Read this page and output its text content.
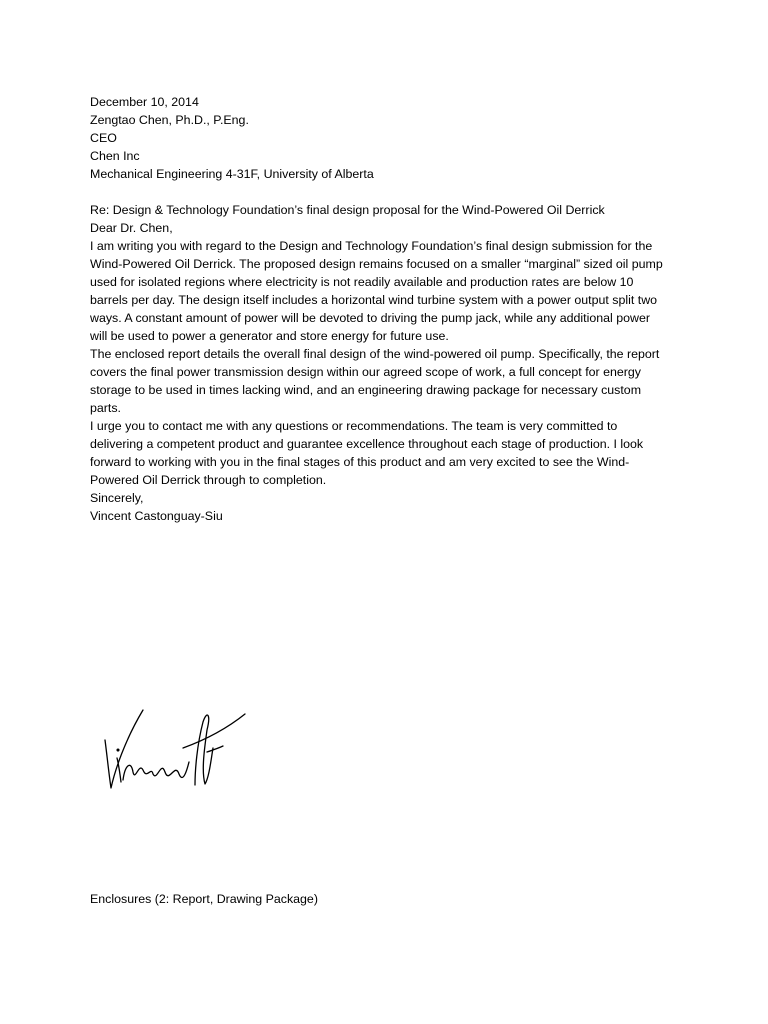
December 10, 2014

Zengtao Chen, Ph.D., P.Eng.
CEO
Chen Inc
Mechanical Engineering 4-31F, University of Alberta

Re: Design & Technology Foundation’s final design proposal for the Wind-Powered Oil Derrick

Dear Dr. Chen,

I am writing you with regard to the Design and Technology Foundation’s final design submission for the Wind-Powered Oil Derrick. The proposed design remains focused on a smaller “marginal” sized oil pump used for isolated regions where electricity is not readily available and production rates are below 10 barrels per day. The design itself includes a horizontal wind turbine system with a power output split two ways. A constant amount of power will be devoted to driving the pump jack, while any additional power will be used to power a generator and store energy for future use.

The enclosed report details the overall final design of the wind-powered oil pump. Specifically, the report covers the final power transmission design within our agreed scope of work, a full concept for energy storage to be used in times lacking wind, and an engineering drawing package for necessary custom parts.

I urge you to contact me with any questions or recommendations. The team is very committed to delivering a competent product and guarantee excellence throughout each stage of production. I look forward to working with you in the final stages of this product and am very excited to see the Wind-Powered Oil Derrick through to completion.

Sincerely,

Vincent Castonguay-Siu

Enclosures (2: Report, Drawing Package)
